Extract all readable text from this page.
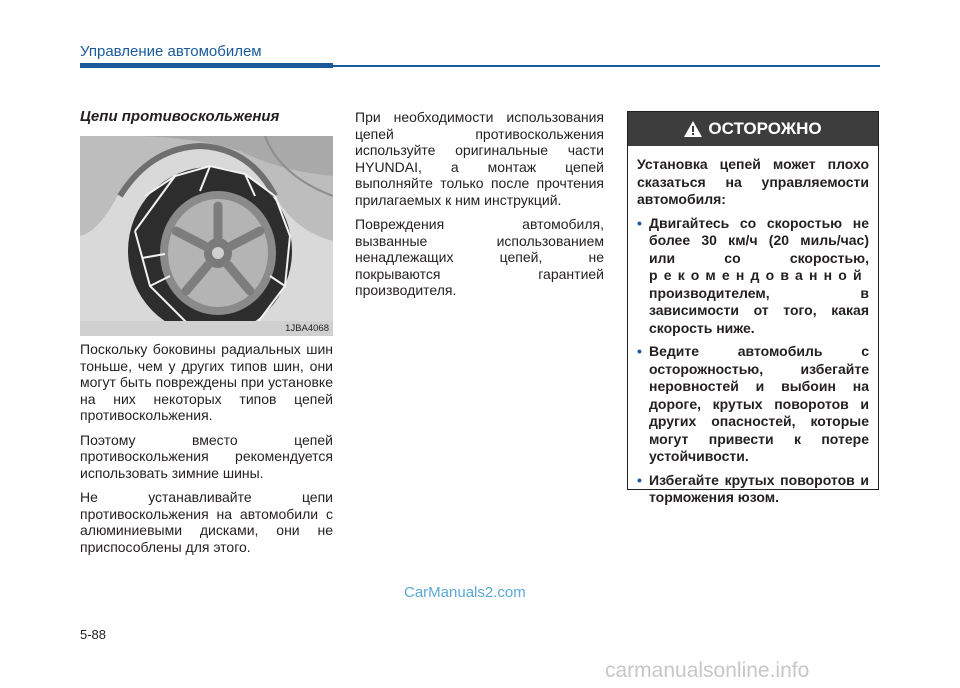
Управление автомобилем
Цепи противоскольжения
1JBA4068

Поскольку боковины радиальных шин тоньше, чем у других типов шин, они могут быть повреждены при установке на них некоторых типов цепей противоскольжения.

Поэтому вместо цепей противоскольжения рекомендуется использовать зимние шины.

Не устанавливайте цепи противоскольжения на автомобили с алюминиевыми дисками, они не приспособлены для этого.

При необходимости использования цепей противоскольжения используйте оригинальные части HYUNDAI, а монтаж цепей выполняйте только после прочтения прилагаемых к ним инструкций.

Повреждения автомобиля, вызванные использованием ненадлежащих цепей, не покрываются гарантией производителя.

ОСТОРОЖНО
Установка цепей может плохо сказаться на управляемости автомобиля:
• Двигайтесь со скоростью не более 30 км/ч (20 миль/час) или со скоростью, рекомендованной производителем, в зависимости от того, какая скорость ниже.
• Ведите автомобиль с осторожностью, избегайте неровностей и выбоин на дороге, крутых поворотов и других опасностей, которые могут привести к потере устойчивости.
• Избегайте крутых поворотов и торможения юзом.
CarManuals2.com
5-88
carmanualsonline.info
